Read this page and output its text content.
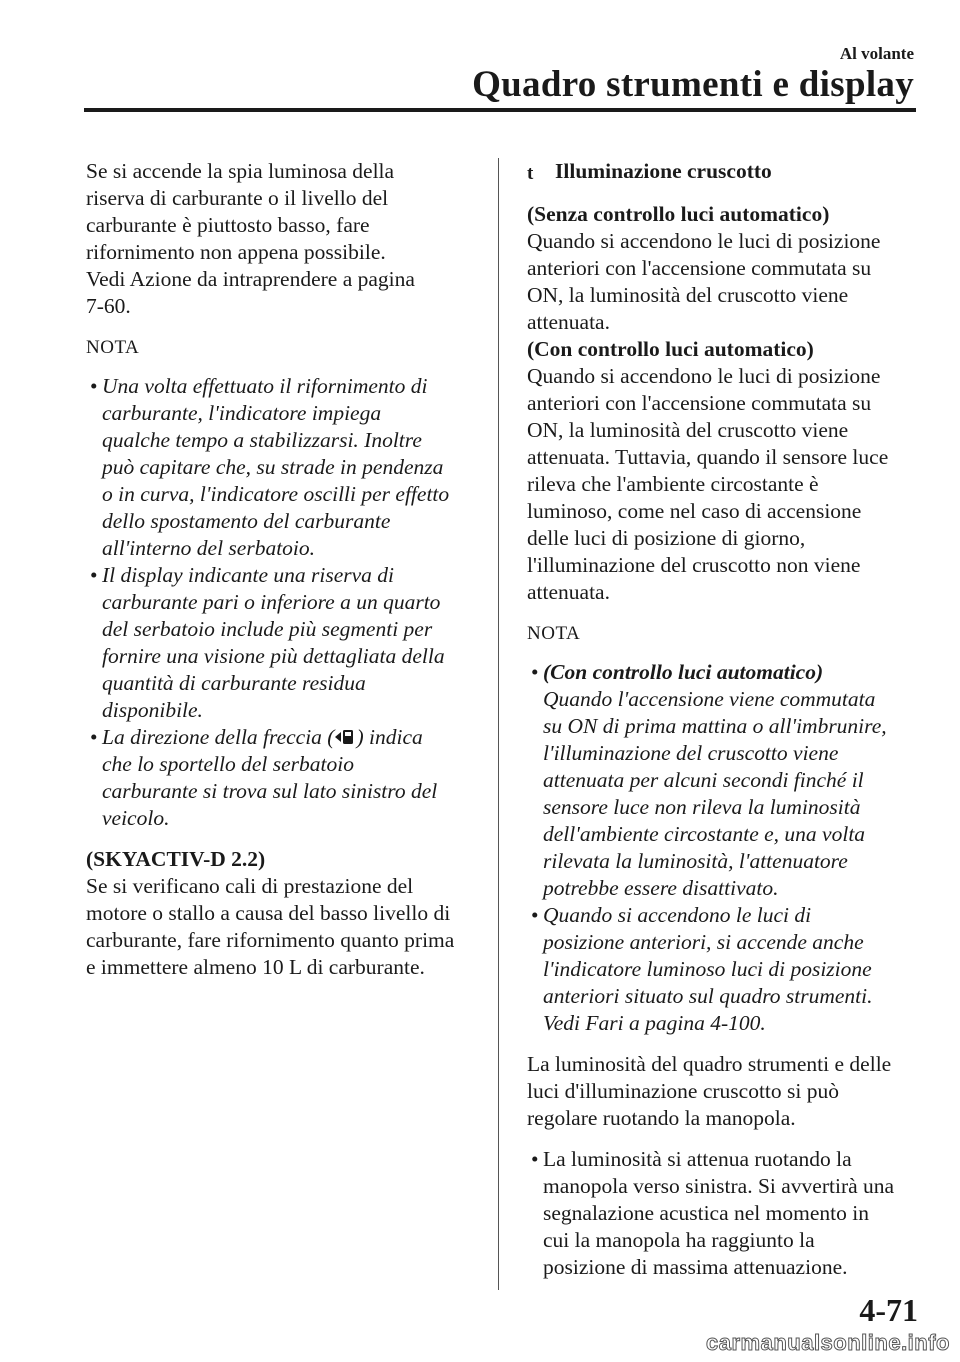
Al volante
Quadro strumenti e display
Se si accende la spia luminosa della
riserva di carburante o il livello del
carburante è piuttosto basso, fare
rifornimento non appena possibile.
Vedi Azione da intraprendere a pagina
7-60.
NOTA
• Una volta effettuato il rifornimento di
carburante, l'indicatore impiega
qualche tempo a stabilizzarsi. Inoltre
può capitare che, su strade in pendenza
o in curva, l'indicatore oscilli per effetto
dello spostamento del carburante
all'interno del serbatoio.
• Il display indicante una riserva di
carburante pari o inferiore a un quarto
del serbatoio include più segmenti per
fornire una visione più dettagliata della
quantità di carburante residua
disponibile.
• La direzione della freccia ( ) indica
che lo sportello del serbatoio
carburante si trova sul lato sinistro del
veicolo.
(SKYACTIV-D 2.2)
Se si verificano cali di prestazione del
motore o stallo a causa del basso livello di
carburante, fare rifornimento quanto prima
e immettere almeno 10 L di carburante.
t Illuminazione cruscotto
(Senza controllo luci automatico)
Quando si accendono le luci di posizione
anteriori con l'accensione commutata su
ON, la luminosità del cruscotto viene
attenuata.
(Con controllo luci automatico)
Quando si accendono le luci di posizione
anteriori con l'accensione commutata su
ON, la luminosità del cruscotto viene
attenuata. Tuttavia, quando il sensore luce
rileva che l'ambiente circostante è
luminoso, come nel caso di accensione
delle luci di posizione di giorno,
l'illuminazione del cruscotto non viene
attenuata.
NOTA
• (Con controllo luci automatico)
Quando l'accensione viene commutata
su ON di prima mattina o all'imbrunire,
l'illuminazione del cruscotto viene
attenuata per alcuni secondi finché il
sensore luce non rileva la luminosità
dell'ambiente circostante e, una volta
rilevata la luminosità, l'attenuatore
potrebbe essere disattivato.
• Quando si accendono le luci di
posizione anteriori, si accende anche
l'indicatore luminoso luci di posizione
anteriori situato sul quadro strumenti.
Vedi Fari a pagina 4-100.
La luminosità del quadro strumenti e delle
luci d'illuminazione cruscotto si può
regolare ruotando la manopola.
• La luminosità si attenua ruotando la
manopola verso sinistra. Si avvertirà una
segnalazione acustica nel momento in
cui la manopola ha raggiunto la
posizione di massima attenuazione.
4-71
carmanualsonline.info
